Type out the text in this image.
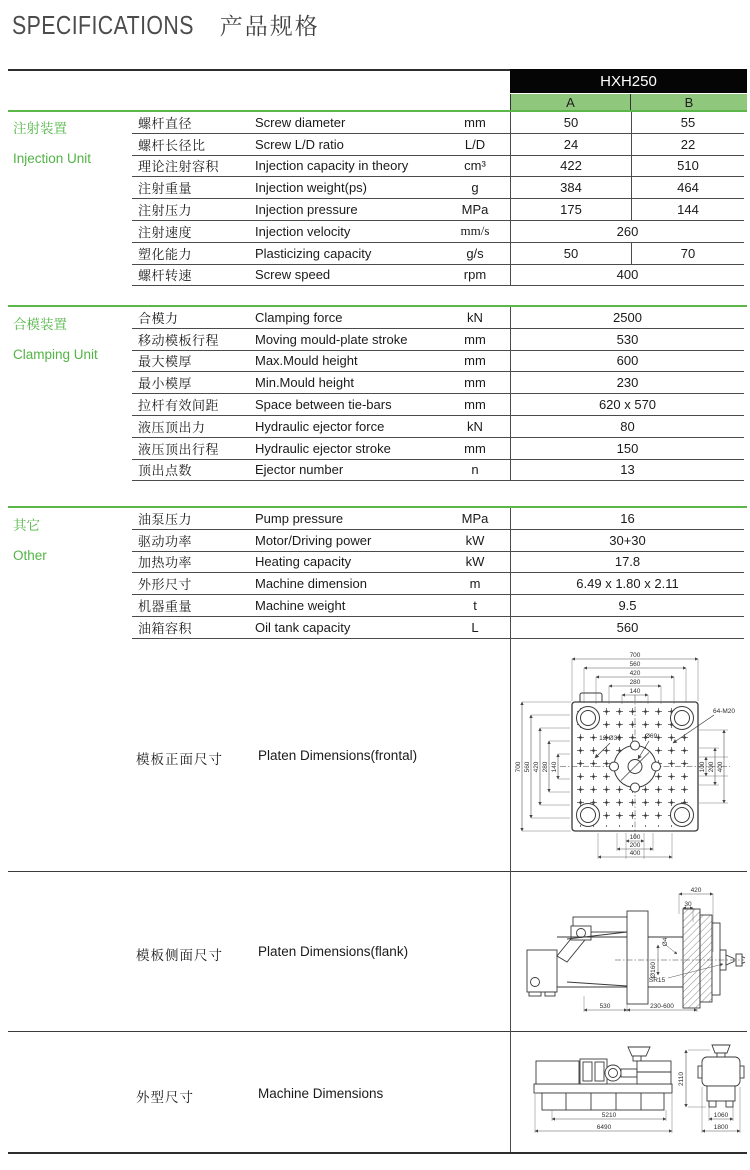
SPECIFICATIONS 产品规格
HXH250
A	B
注射装置
Injection Unit
合模装置
Clamping Unit
其它
Other
螺杆直径	Screw diameter	mm	50	55
螺杆长径比	Screw L/D ratio	L/D	24	22
理论注射容积	Injection capacity in theory	cm³	422	510
注射重量	Injection weight(ps)	g	384	464
注射压力	Injection pressure	MPa	175	144
注射速度	Injection velocity	mm/s	260
塑化能力	Plasticizing capacity	g/s	50	70
螺杆转速	Screw speed	rpm	400
合模力	Clamping force	kN	2500
移动模板行程	Moving mould-plate stroke	mm	530
最大模厚	Max.Mould height	mm	600
最小模厚	Min.Mould height	mm	230
拉杆有效间距	Space between tie-bars	mm	620 x 570
液压顶出力	Hydraulic ejector force	kN	80
液压顶出行程	Hydraulic ejector stroke	mm	150
顶出点数	Ejector number	n	13
油泵压力	Pump pressure	MPa	16
驱动功率	Motor/Driving power	kW	30+30
加热功率	Heating capacity	kW	17.8
外形尺寸	Machine dimension	m	6.49 x 1.80 x 2.11
机器重量	Machine weight	t	9.5
油箱容积	Oil tank capacity	L	560
模板正面尺寸	Platen Dimensions(frontal)
模板侧面尺寸	Platen Dimensions(flank)
外型尺寸	Machine Dimensions
700
560
420
280
140
700 560 420 280 140	100 200 400
100
200
400
12-Ø36	Ø69
64-M20
420
30
Ø4
Ø160
SR15
530	230-600
2110
5210
6490
1060
1800
